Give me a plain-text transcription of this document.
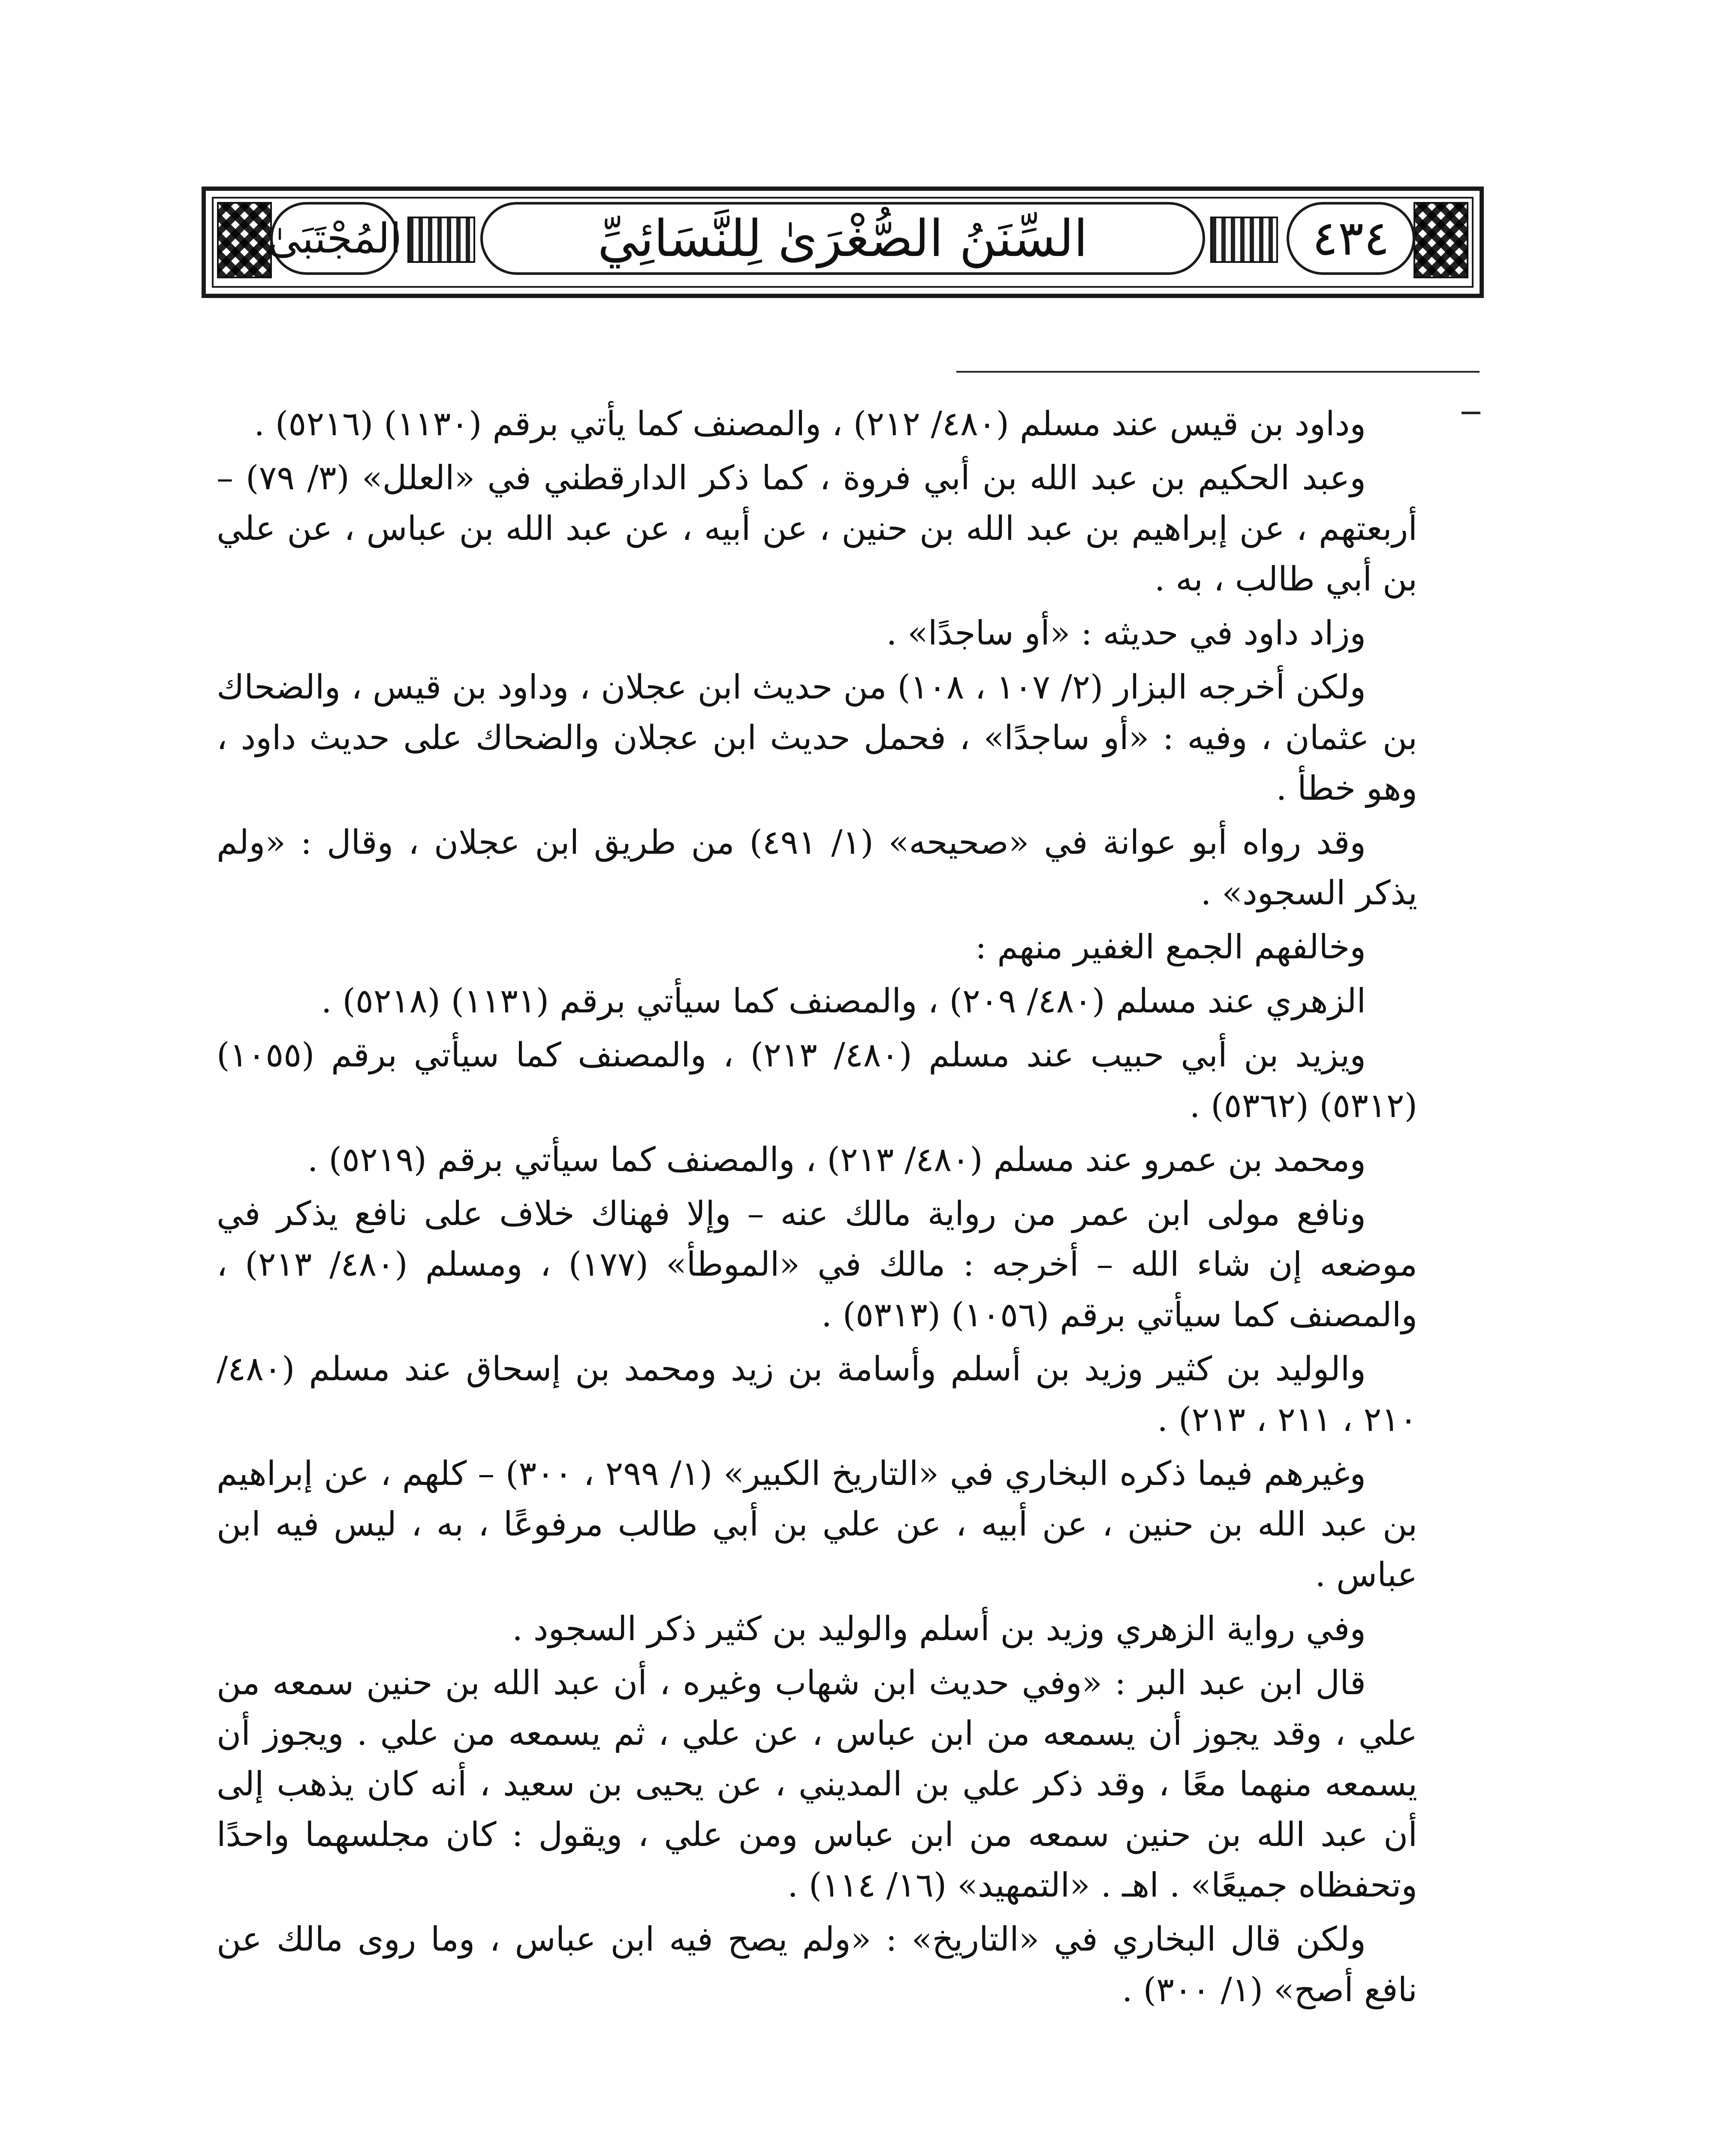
المُجْتَبَىٰ	السِّنَنُ الصُّغْرَىٰ لِلنَّسَائِيِّ	٤٣٤

وداود بن قيس عند مسلم (٤٨٠/ ٢١٢) ، والمصنف كما يأتي برقم (١١٣٠) (٥٢١٦) .

وعبد الحكيم بن عبد الله بن أبي فروة ، كما ذكر الدارقطني في «العلل» (٣/ ٧٩) – أربعتهم ، عن إبراهيم بن عبد الله بن حنين ، عن أبيه ، عن عبد الله بن عباس ، عن علي بن أبي طالب ، به .

وزاد داود في حديثه : «أو ساجدًا» .

ولكن أخرجه البزار (٢/ ١٠٧ ، ١٠٨) من حديث ابن عجلان ، وداود بن قيس ، والضحاك بن عثمان ، وفيه : «أو ساجدًا» ، فحمل حديث ابن عجلان والضحاك على حديث داود ، وهو خطأ .

وقد رواه أبو عوانة في «صحيحه» (١/ ٤٩١) من طريق ابن عجلان ، وقال : «ولم يذكر السجود» .

وخالفهم الجمع الغفير منهم :

الزهري عند مسلم (٤٨٠/ ٢٠٩) ، والمصنف كما سيأتي برقم (١١٣١) (٥٢١٨) .

ويزيد بن أبي حبيب عند مسلم (٤٨٠/ ٢١٣) ، والمصنف كما سيأتي برقم (١٠٥٥) (٥٣١٢) (٥٣٦٢) .

ومحمد بن عمرو عند مسلم (٤٨٠/ ٢١٣) ، والمصنف كما سيأتي برقم (٥٢١٩) .

ونافع مولى ابن عمر من رواية مالك عنه – وإلا فهناك خلاف على نافع يذكر في موضعه إن شاء الله – أخرجه : مالك في «الموطأ» (١٧٧) ، ومسلم (٤٨٠/ ٢١٣) ، والمصنف كما سيأتي برقم (١٠٥٦) (٥٣١٣) .

والوليد بن كثير وزيد بن أسلم وأسامة بن زيد ومحمد بن إسحاق عند مسلم (٤٨٠/ ٢١٠ ، ٢١١ ، ٢١٣) .

وغيرهم فيما ذكره البخاري في «التاريخ الكبير» (١/ ٢٩٩ ، ٣٠٠) – كلهم ، عن إبراهيم بن عبد الله بن حنين ، عن أبيه ، عن علي بن أبي طالب مرفوعًا ، به ، ليس فيه ابن عباس .

وفي رواية الزهري وزيد بن أسلم والوليد بن كثير ذكر السجود .

قال ابن عبد البر : «وفي حديث ابن شهاب وغيره ، أن عبد الله بن حنين سمعه من علي ، وقد يجوز أن يسمعه من ابن عباس ، عن علي ، ثم يسمعه من علي . ويجوز أن يسمعه منهما معًا ، وقد ذكر علي بن المديني ، عن يحيى بن سعيد ، أنه كان يذهب إلى أن عبد الله بن حنين سمعه من ابن عباس ومن علي ، ويقول : كان مجلسهما واحدًا وتحفظاه جميعًا» . اهـ . «التمهيد» (١٦/ ١١٤) .

ولكن قال البخاري في «التاريخ» : «ولم يصح فيه ابن عباس ، وما روى مالك عن نافع أصح» (١/ ٣٠٠) .
